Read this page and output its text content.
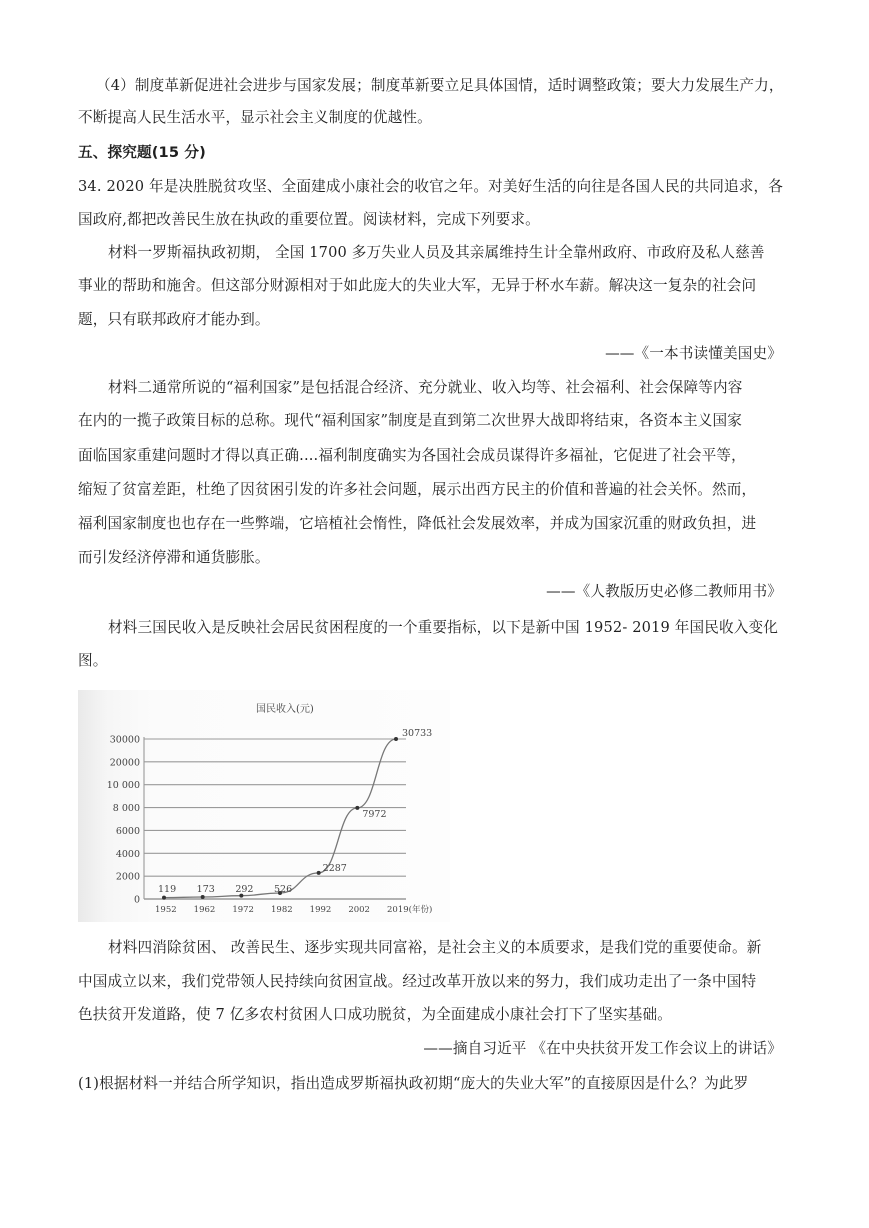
（4）制度革新促进社会进步与国家发展；制度革新要立足具体国情，适时调整政策；要大力发展生产力，
不断提高人民生活水平，显示社会主义制度的优越性。
五、探究题(15 分)
34. 2020 年是决胜脱贫攻坚、全面建成小康社会的收官之年。对美好生活的向往是各国人民的共同追求，各
国政府,都把改善民生放在执政的重要位置。阅读材料，完成下列要求。
材料一罗斯福执政初期， 全国 1700 多万失业人员及其亲属维持生计全靠州政府、市政府及私人慈善
事业的帮助和施舍。但这部分财源相对于如此庞大的失业大军，无异于杯水车薪。解决这一复杂的社会问
题，只有联邦政府才能办到。
——《一本书读懂美国史》
材料二通常所说的“福利国家”是包括混合经济、充分就业、收入均等、社会福利、社会保障等内容
在内的一揽子政策目标的总称。现代“福利国家”制度是直到第二次世界大战即将结束，各资本主义国家
面临国家重建问题时才得以真正确....福利制度确实为各国社会成员谋得许多福祉，它促进了社会平等，
缩短了贫富差距，杜绝了因贫困引发的许多社会问题，展示出西方民主的价值和普遍的社会关怀。然而，
福利国家制度也也存在一些弊端，它培植社会惰性，降低社会发展效率，并成为国家沉重的财政负担，进
而引发经济停滞和通货膨胀。
——《人教版历史必修二教师用书》
材料三国民收入是反映社会居民贫困程度的一个重要指标，以下是新中国 1952- 2019 年国民收入变化
图。
国民收入(元)
0
2000
4000
6000
8 000
10 000
20000
30000
1952 1962 1972 1982 1992 2002 2019(年份)
119 173 292 526
2287
7972
30733
材料四消除贫困、 改善民生、逐步实现共同富裕，是社会主义的本质要求，是我们党的重要使命。新
中国成立以来，我们党带领人民持续向贫困宣战。经过改革开放以来的努力，我们成功走出了一条中国特
色扶贫开发道路，使 7 亿多农村贫困人口成功脱贫，为全面建成小康社会打下了坚实基础。
——摘自习近平 《在中央扶贫开发工作会议上的讲话》
(1)根据材料一并结合所学知识，指出造成罗斯福执政初期“庞大的失业大军”的直接原因是什么？为此罗
